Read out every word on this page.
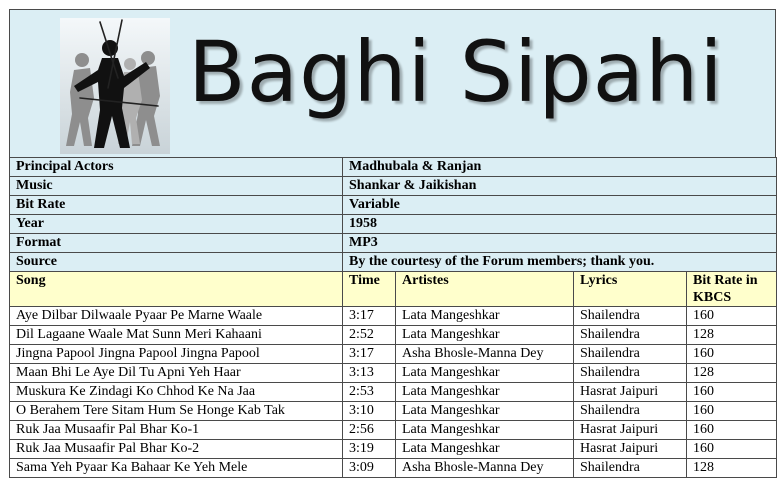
Baghi Sipahi
Principal Actors	Madhubala & Ranjan			
Music	Shankar & Jaikishan			
Bit Rate	Variable			
Year	1958			
Format	MP3			
Source	By the courtesy of the Forum members; thank you.			
Song	Time	Artistes	Lyrics	Bit Rate in
KBCS
Aye Dilbar Dilwaale Pyaar Pe Marne Waale	3:17	Lata Mangeshkar	Shailendra	160
Dil Lagaane Waale Mat Sunn Meri Kahaani	2:52	Lata Mangeshkar	Shailendra	128
Jingna Papool Jingna Papool Jingna Papool	3:17	Asha Bhosle-Manna Dey	Shailendra	160
Maan Bhi Le Aye Dil Tu Apni Yeh Haar	3:13	Lata Mangeshkar	Shailendra	128
Muskura Ke Zindagi Ko Chhod Ke Na Jaa	2:53	Lata Mangeshkar	Hasrat Jaipuri	160
O Berahem Tere Sitam Hum Se Honge Kab Tak	3:10	Lata Mangeshkar	Shailendra	160
Ruk Jaa Musaafir Pal Bhar Ko-1	2:56	Lata Mangeshkar	Hasrat Jaipuri	160
Ruk Jaa Musaafir Pal Bhar Ko-2	3:19	Lata Mangeshkar	Hasrat Jaipuri	160
Sama Yeh Pyaar Ka Bahaar Ke Yeh Mele	3:09	Asha Bhosle-Manna Dey	Shailendra	128
